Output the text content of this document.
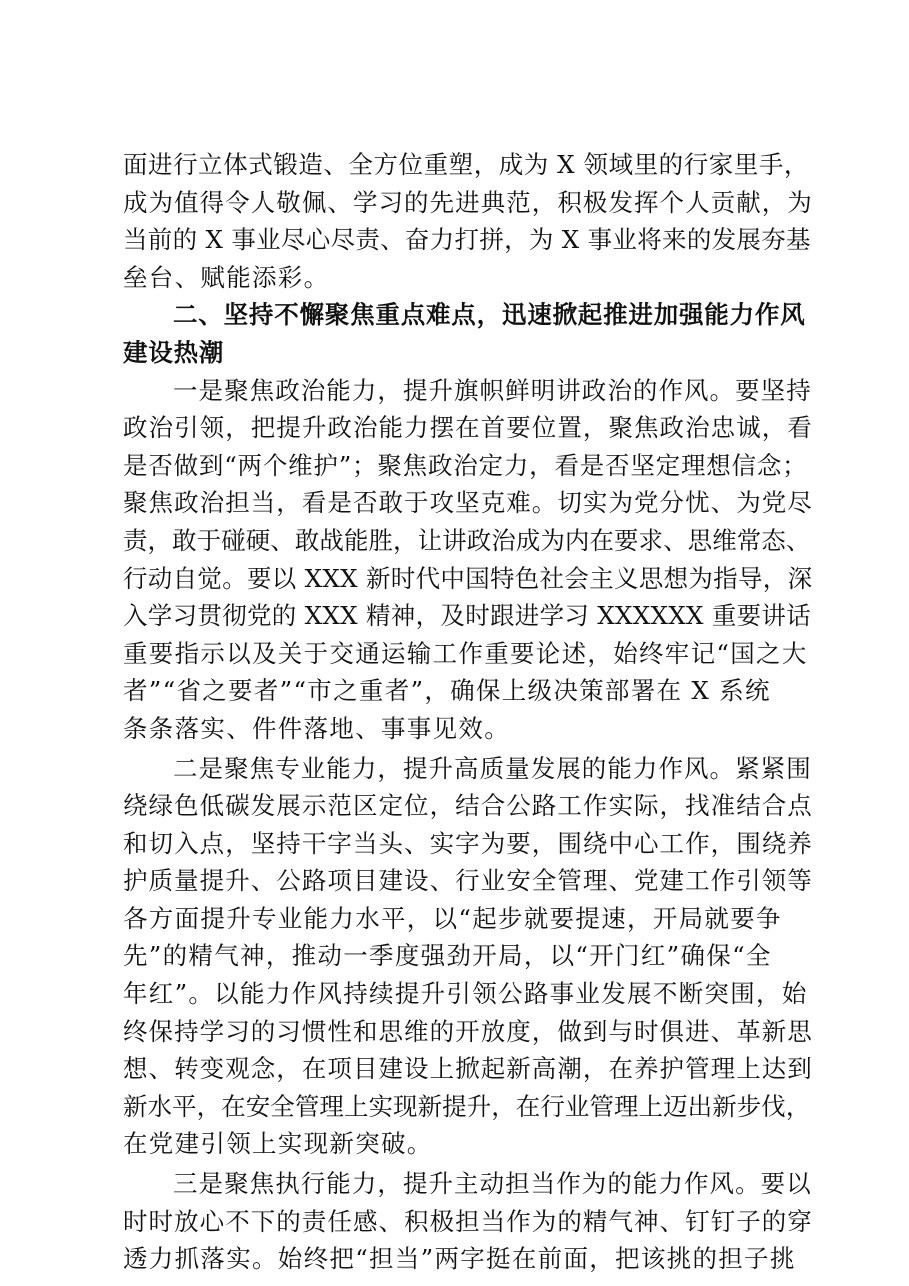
面进行立体式锻造、全方位重塑，成为 X 领域里的行家里手，
成为值得令人敬佩、学习的先进典范，积极发挥个人贡献，为
当前的 X 事业尽心尽责、奋力打拼，为 X 事业将来的发展夯基
垒台、赋能添彩。
二、坚持不懈聚焦重点难点，迅速掀起推进加强能力作风
建设热潮
一是聚焦政治能力，提升旗帜鲜明讲政治的作风。要坚持
政治引领，把提升政治能力摆在首要位置，聚焦政治忠诚，看
是否做到“两个维护”；聚焦政治定力，看是否坚定理想信念；
聚焦政治担当，看是否敢于攻坚克难。切实为党分忧、为党尽
责，敢于碰硬、敢战能胜，让讲政治成为内在要求、思维常态、
行动自觉。要以 XXX 新时代中国特色社会主义思想为指导，深
入学习贯彻党的 XXX 精神，及时跟进学习 XXXXXX 重要讲话
重要指示以及关于交通运输工作重要论述，始终牢记“国之大
者”“省之要者”“市之重者”，确保上级决策部署在 X 系统
条条落实、件件落地、事事见效。
二是聚焦专业能力，提升高质量发展的能力作风。紧紧围
绕绿色低碳发展示范区定位，结合公路工作实际，找准结合点
和切入点，坚持干字当头、实字为要，围绕中心工作，围绕养
护质量提升、公路项目建设、行业安全管理、党建工作引领等
各方面提升专业能力水平，以“起步就要提速，开局就要争
先”的精气神，推动一季度强劲开局，以“开门红”确保“全
年红”。以能力作风持续提升引领公路事业发展不断突围，始
终保持学习的习惯性和思维的开放度，做到与时俱进、革新思
想、转变观念，在项目建设上掀起新高潮，在养护管理上达到
新水平，在安全管理上实现新提升，在行业管理上迈出新步伐，
在党建引领上实现新突破。
三是聚焦执行能力，提升主动担当作为的能力作风。要以
时时放心不下的责任感、积极担当作为的精气神、钉钉子的穿
透力抓落实。始终把“担当”两字挺在前面，把该挑的担子挑
